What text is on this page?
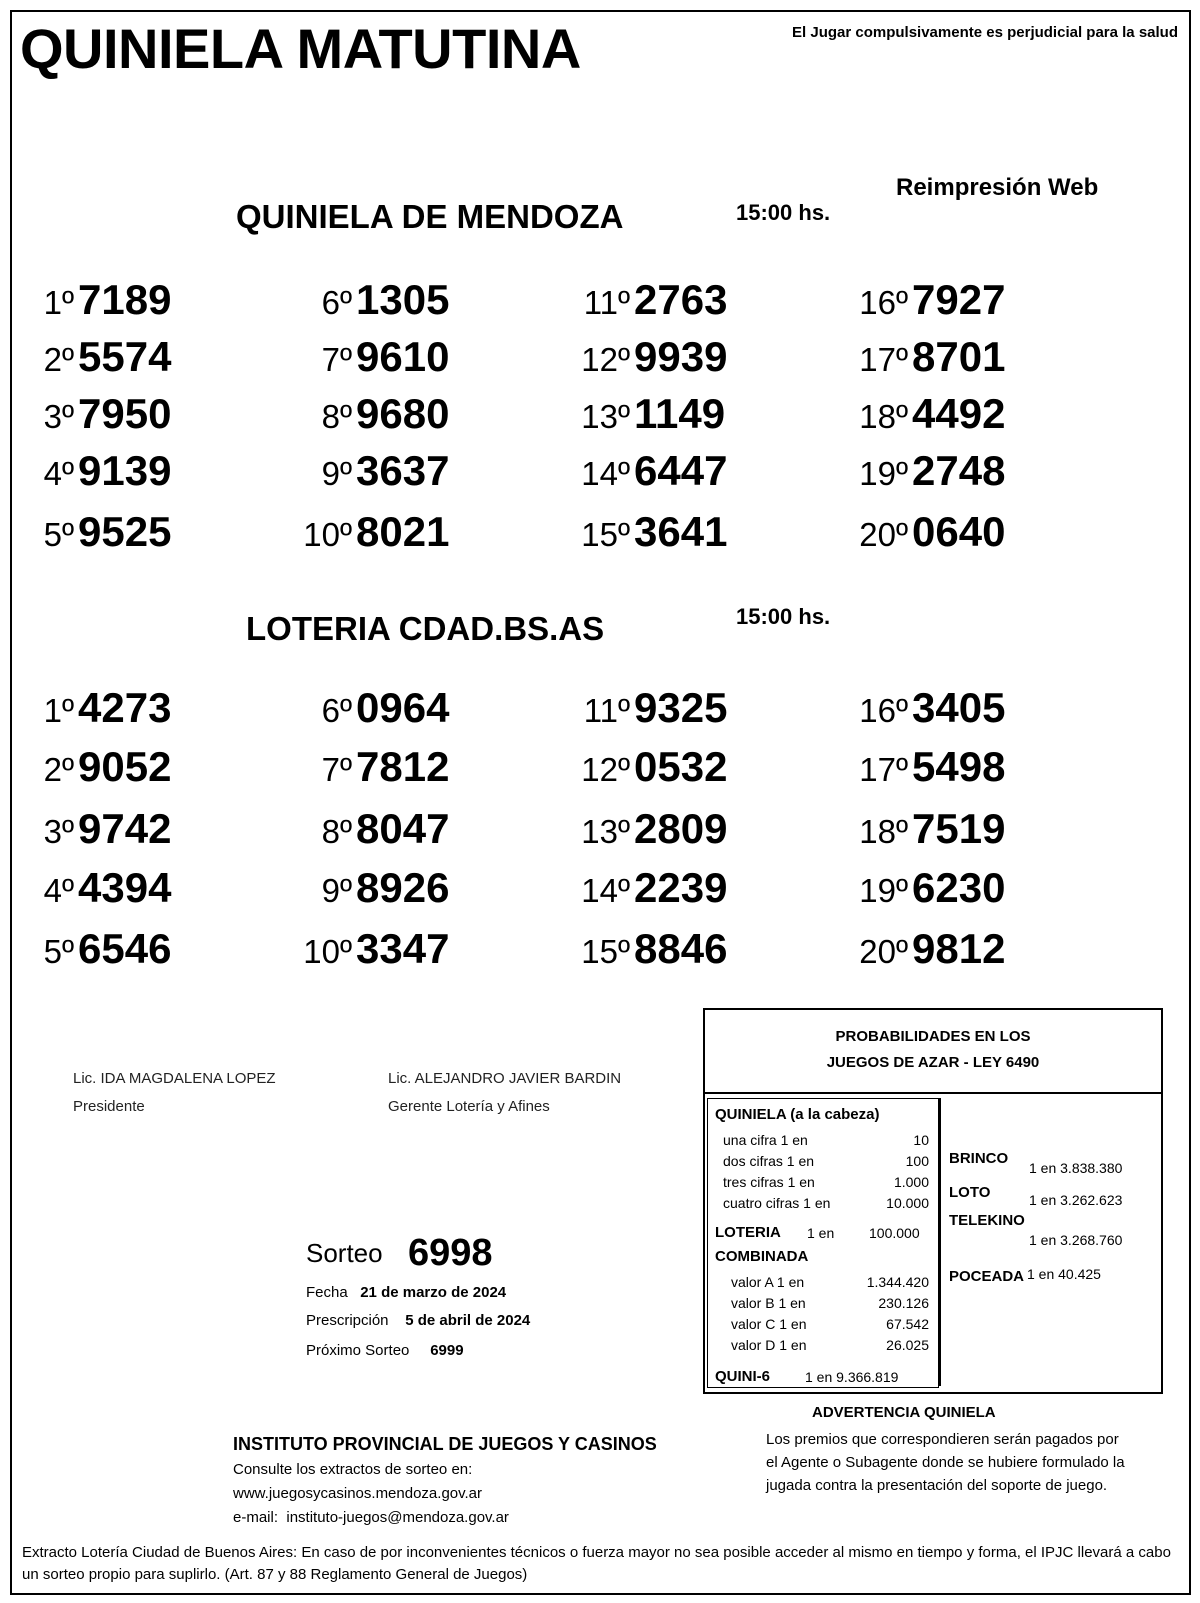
QUINIELA MATUTINA	El Jugar compulsivamente es perjudicial para la salud
Reimpresión Web
QUINIELA DE MENDOZA	15:00 hs.
1º7189
2º5574
3º7950
4º9139
5º9525
6º1305
7º9610
8º9680
9º3637
10º8021
11º2763
12º9939
13º1149
14º6447
15º3641
16º7927
17º8701
18º4492
19º2748
20º0640
LOTERIA CDAD.BS.AS	15:00 hs.
1º4273
2º9052
3º9742
4º4394
5º6546
6º0964
7º7812
8º8047
9º8926
10º3347
11º9325
12º0532
13º2809
14º2239
15º8846
16º3405
17º5498
18º7519
19º6230
20º9812
Lic. IDA MAGDALENA LOPEZ
Presidente
Lic. ALEJANDRO JAVIER BARDIN
Gerente Lotería y Afines
Sorteo 6998
Fecha 21 de marzo de 2024
Prescripción 5 de abril de 2024
Próximo Sorteo 6999
PROBABILIDADES EN LOS
JUEGOS DE AZAR - LEY 6490
QUINIELA (a la cabeza)
una cifra 1 en	10
dos cifras 1 en	100
tres cifras 1 en	1.000
cuatro cifras 1 en	10.000
LOTERIA 1 en 100.000
COMBINADA
valor A 1 en	1.344.420
valor B 1 en	230.126
valor C 1 en	67.542
valor D 1 en	26.025
QUINI-6 1 en 9.366.819
BRINCO
1 en 3.838.380
LOTO	1 en 3.262.623
TELEKINO
1 en 3.268.760
POCEADA 1 en 40.425
ADVERTENCIA QUINIELA
Los premios que correspondieren serán pagados por el Agente o Subagente donde se hubiere formulado la jugada contra la presentación del soporte de juego.
INSTITUTO PROVINCIAL DE JUEGOS Y CASINOS
Consulte los extractos de sorteo en:
www.juegosycasinos.mendoza.gov.ar
e-mail: instituto-juegos@mendoza.gov.ar
Extracto Lotería Ciudad de Buenos Aires: En caso de por inconvenientes técnicos o fuerza mayor no sea posible acceder al mismo en tiempo y forma, el IPJC llevará a cabo un sorteo propio para suplirlo. (Art. 87 y 88 Reglamento General de Juegos)
